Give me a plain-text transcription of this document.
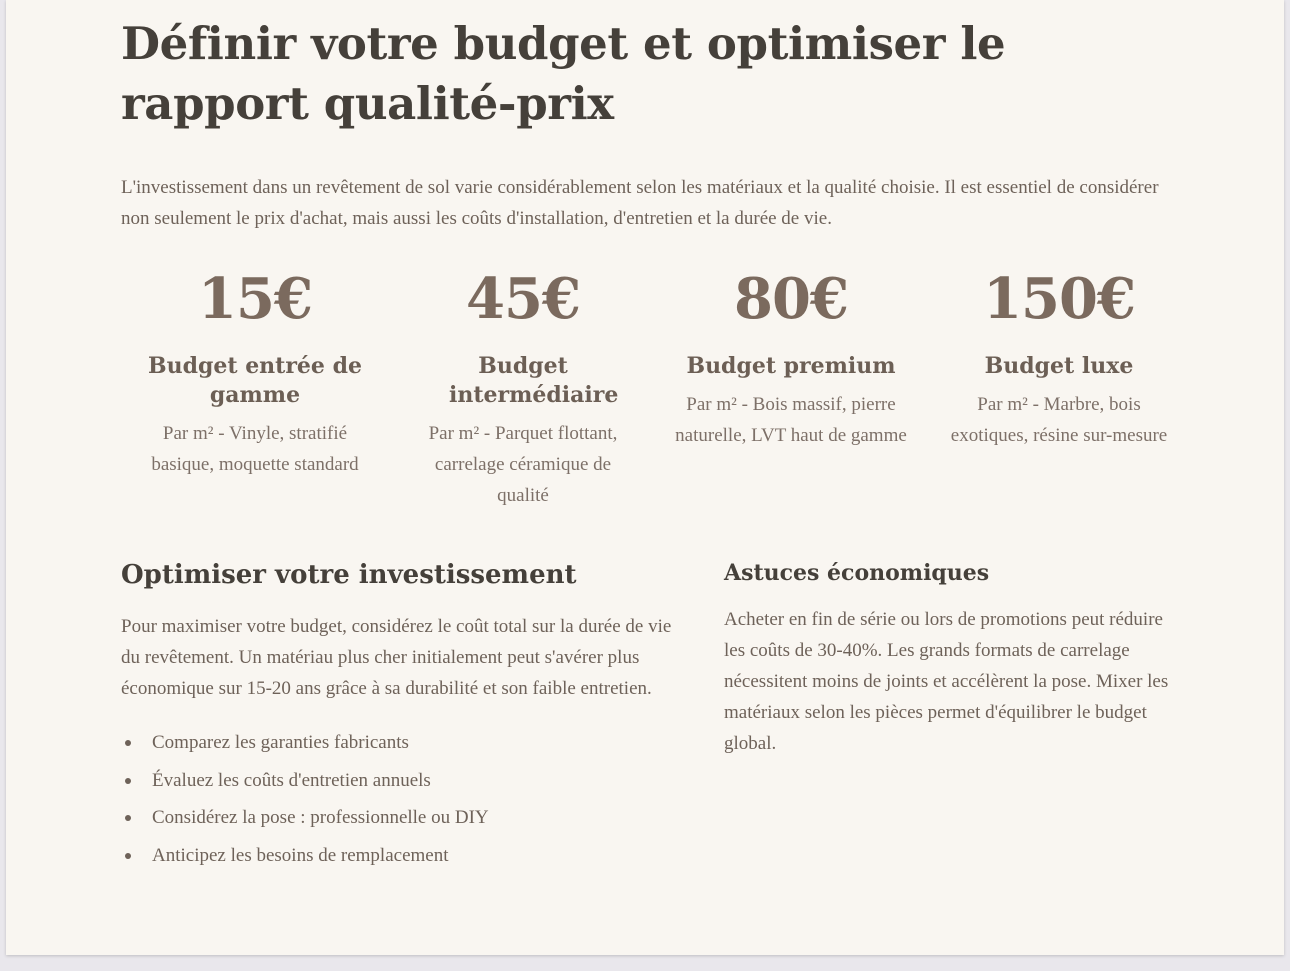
Définir votre budget et optimiser le rapport qualité-prix

L'investissement dans un revêtement de sol varie considérablement selon les matériaux et la qualité choisie. Il est essentiel de considérer non seulement le prix d'achat, mais aussi les coûts d'installation, d'entretien et la durée de vie.

15€
Budget entrée de gamme
Par m² - Vinyle, stratifié basique, moquette standard
45€
Budget intermédiaire
Par m² - Parquet flottant, carrelage céramique de qualité
80€
Budget premium
Par m² - Bois massif, pierre naturelle, LVT haut de gamme
150€
Budget luxe
Par m² - Marbre, bois exotiques, résine sur-mesure
Optimiser votre investissement

Pour maximiser votre budget, considérez le coût total sur la durée de vie du revêtement. Un matériau plus cher initialement peut s'avérer plus économique sur 15-20 ans grâce à sa durabilité et son faible entretien.

Comparez les garanties fabricants
Évaluez les coûts d'entretien annuels
Considérez la pose : professionnelle ou DIY
Anticipez les besoins de remplacement
Astuces économiques

Acheter en fin de série ou lors de promotions peut réduire les coûts de 30-40%. Les grands formats de carrelage nécessitent moins de joints et accélèrent la pose. Mixer les matériaux selon les pièces permet d'équilibrer le budget global.
